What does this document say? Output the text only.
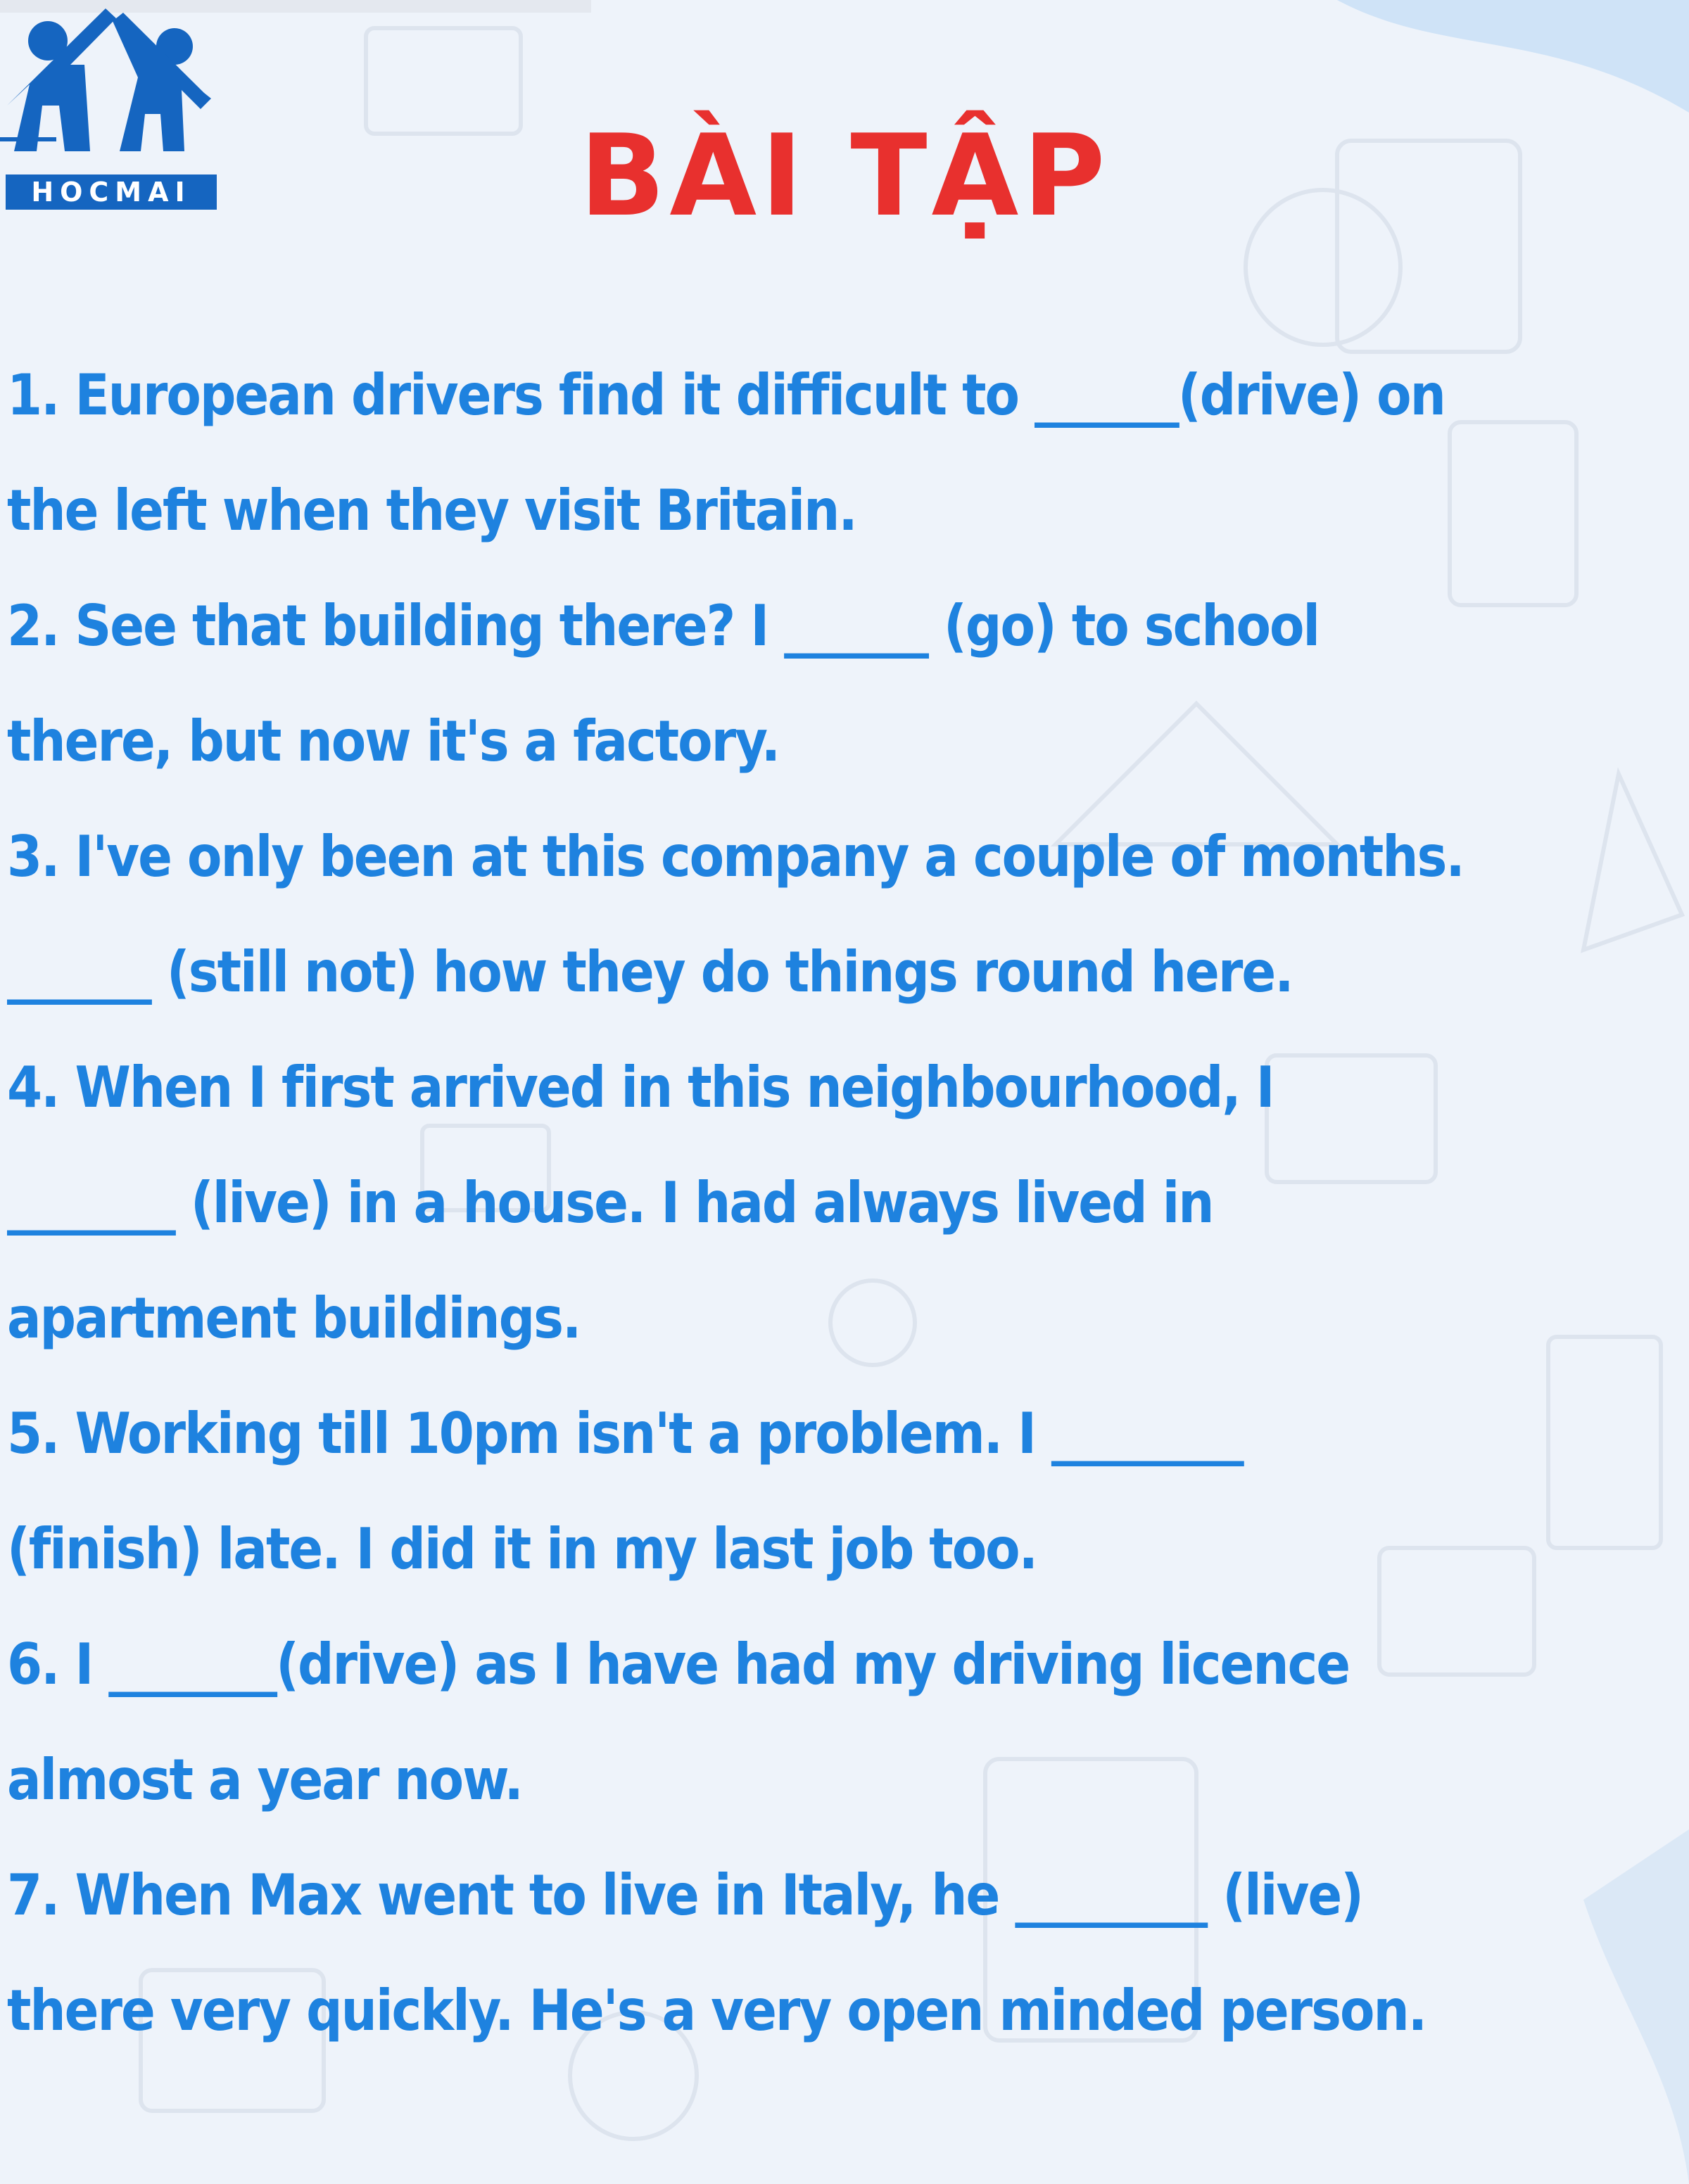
HOCMAI	BÀI TẬP
1. European drivers find it difficult to ______(drive) on
the left when they visit Britain.
2. See that building there? I ______ (go) to school
there, but now it's a factory.
3. I've only been at this company a couple of months.
______ (still not) how they do things round here.
4. When I first arrived in this neighbourhood, I
_______ (live) in a house. I had always lived in
apartment buildings.
5. Working till 10pm isn't a problem. I ________
(finish) late. I did it in my last job too.
6. I _______(drive) as I have had my driving licence
almost a year now.
7. When Max went to live in Italy, he ________ (live)
there very quickly. He's a very open minded person.
